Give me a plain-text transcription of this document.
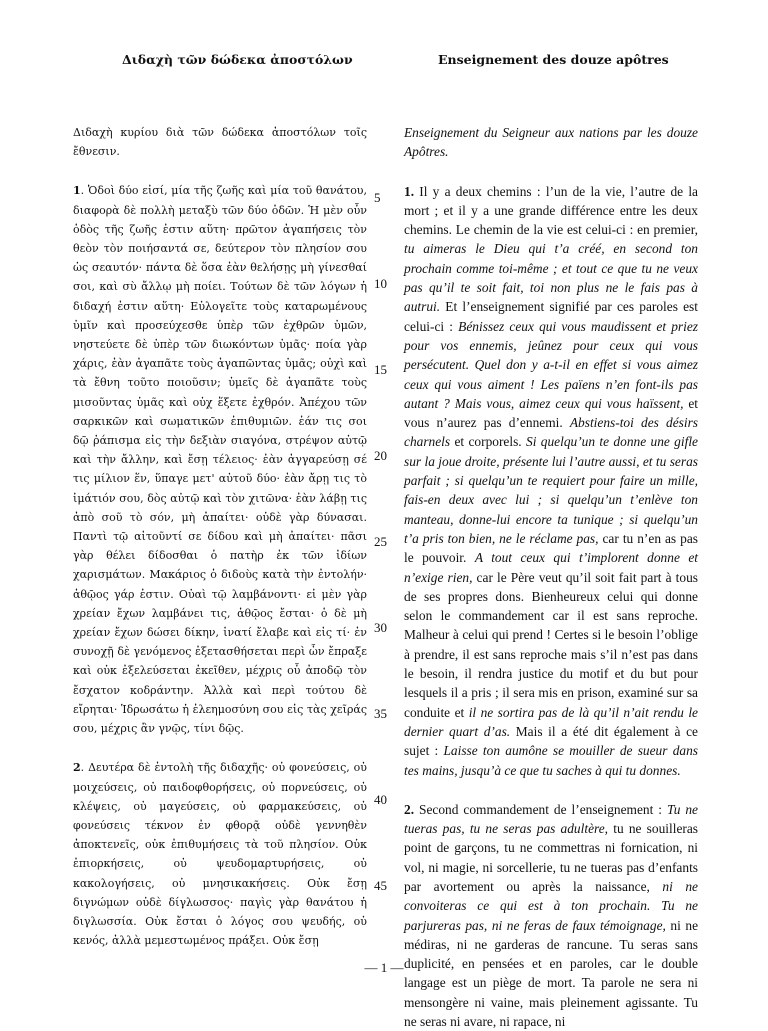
Διδαχὴ τῶν δώδεκα ἀποστόλων	Enseignement des douze apôtres

Διδαχὴ κυρίου διὰ τῶν δώδεκα ἀποστόλων τοῖς ἔθνεσιν.

1. Ὁδοὶ δύο εἰσί, μία τῆς ζωῆς καὶ μία τοῦ θανάτου, διαφορὰ δὲ πολλὴ μεταξὺ τῶν δύο ὁδῶν. Ἡ μὲν οὖν ὁδὸς τῆς ζωῆς ἐστιν αὕτη· πρῶτον ἀγαπήσεις τὸν θεὸν τὸν ποιήσαντά σε, δεύτερον τὸν πλησίον σου ὡς σεαυτόν· πάντα δὲ ὅσα ἐὰν θελήσῃς μὴ γίνεσθαί σοι, καὶ σὺ ἄλλῳ μὴ ποίει. Τούτων δὲ τῶν λόγων ἡ διδαχή ἐστιν αὕτη· Εὐλογεῖτε τοὺς καταρωμένους ὑμῖν καὶ προσεύχεσθε ὑπὲρ τῶν ἐχθρῶν ὑμῶν, νηστεύετε δὲ ὑπὲρ τῶν διωκόντων ὑμᾶς· ποία γὰρ χάρις, ἐὰν ἀγαπᾶτε τοὺς ἀγαπῶντας ὑμᾶς; οὐχὶ καὶ τὰ ἔθνη τοῦτο ποιοῦσιν; ὑμεῖς δὲ ἀγαπᾶτε τοὺς μισοῦντας ὑμᾶς καὶ οὐχ ἕξετε ἐχθρόν. Ἀπέχου τῶν σαρκικῶν καὶ σωματικῶν ἐπιθυμιῶν. ἐάν τις σοι δῷ ῥάπισμα εἰς τὴν δεξιὰν σιαγόνα, στρέψον αὐτῷ καὶ τὴν ἄλλην, καὶ ἔσῃ τέλειος· ἐὰν ἀγγαρεύσῃ σέ τις μίλιον ἕν, ὕπαγε μετ' αὐτοῦ δύο· ἐὰν ἄρῃ τις τὸ ἱμάτιόν σου, δὸς αὐτῷ καὶ τὸν χιτῶνα· ἐὰν λάβῃ τις ἀπὸ σοῦ τὸ σόν, μὴ ἀπαίτει· οὐδὲ γὰρ δύνασαι. Παντὶ τῷ αἰτοῦντί σε δίδου καὶ μὴ ἀπαίτει· πᾶσι γὰρ θέλει δίδοσθαι ὁ πατὴρ ἐκ τῶν ἰδίων χαρισμάτων. Μακάριος ὁ διδοὺς κατὰ τὴν ἐντολήν· ἀθῷος γάρ ἐστιν. Οὐαὶ τῷ λαμβάνοντι· εἰ μὲν γὰρ χρείαν ἔχων λαμβάνει τις, ἀθῷος ἔσται· ὁ δὲ μὴ χρείαν ἔχων δώσει δίκην, ἱνατί ἔλαβε καὶ εἰς τί· ἐν συνοχῇ δὲ γενόμενος ἐξετασθήσεται περὶ ὧν ἔπραξε καὶ οὐκ ἐξελεύσεται ἐκεῖθεν, μέχρις οὗ ἀποδῷ τὸν ἔσχατον κοδράντην. Ἀλλὰ καὶ περὶ τούτου δὲ εἴρηται· Ἱδρωσάτω ἡ ἐλεημοσύνη σου εἰς τὰς χεῖράς σου, μέχρις ἂν γνῷς, τίνι δῷς.

2. Δευτέρα δὲ ἐντολὴ τῆς διδαχῆς· οὐ φονεύσεις, οὐ μοιχεύσεις, οὐ παιδοφθορήσεις, οὐ πορνεύσεις, οὐ κλέψεις, οὐ μαγεύσεις, οὐ φαρμακεύσεις, οὐ φονεύσεις τέκνον ἐν φθορᾷ οὐδὲ γεννηθὲν ἀποκτενεῖς, οὐκ ἐπιθυμήσεις τὰ τοῦ πλησίον. Οὐκ ἐπιορκήσεις, οὐ ψευδομαρτυρήσεις, οὐ κακολογήσεις, οὐ μνησικακήσεις. Οὐκ ἔσῃ διγνώμων οὐδὲ δίγλωσσος· παγὶς γὰρ θανάτου ἡ διγλωσσία. Οὐκ ἔσται ὁ λόγος σου ψευδής, οὐ κενός, ἀλλὰ μεμεστωμένος πράξει. Οὐκ ἔσῃ

5
10
15
20
25
30
35
40
45

Enseignement du Seigneur aux nations par les douze Apôtres.

1. Il y a deux chemins : l’un de la vie, l’autre de la mort ; et il y a une grande différence entre les deux chemins. Le chemin de la vie est celui-ci : en premier, tu aimeras le Dieu qui t’a créé, en second ton prochain comme toi-même ; et tout ce que tu ne veux pas qu’il te soit fait, toi non plus ne le fais pas à autrui. Et l’enseignement signifié par ces paroles est celui-ci : Bénissez ceux qui vous maudissent et priez pour vos ennemis, jeûnez pour ceux qui vous persécutent. Quel don y a-t-il en effet si vous aimez ceux qui vous aiment ! Les païens n’en font-ils pas autant ? Mais vous, aimez ceux qui vous haïssent, et vous n’aurez pas d’ennemi. Abstiens-toi des désirs charnels et corporels. Si quelqu’un te donne une gifle sur la joue droite, présente lui l’autre aussi, et tu seras parfait ; si quelqu’un te requiert pour faire un mille, fais-en deux avec lui ; si quelqu’un t’enlève ton manteau, donne-lui encore ta tunique ; si quelqu’un t’a pris ton bien, ne le réclame pas, car tu n’en as pas le pouvoir. A tout ceux qui t’implorent donne et n’exige rien, car le Père veut qu’il soit fait part à tous de ses propres dons. Bienheureux celui qui donne selon le commandement car il est sans reproche. Malheur à celui qui prend ! Certes si le besoin l’oblige à prendre, il est sans reproche mais s’il n’est pas dans le besoin, il rendra justice du motif et du but pour lesquels il a pris ; il sera mis en prison, examiné sur sa conduite et il ne sortira pas de là qu’il n’ait rendu le dernier quart d’as. Mais il a été dit également à ce sujet : Laisse ton aumône se mouiller de sueur dans tes mains, jusqu’à ce que tu saches à qui tu donnes.

2. Second commandement de l’enseignement : Tu ne tueras pas, tu ne seras pas adultère, tu ne souilleras point de garçons, tu ne commettras ni fornication, ni vol, ni magie, ni sorcellerie, tu ne tueras pas d’enfants par avortement ou après la naissance, ni ne convoiteras ce qui est à ton prochain. Tu ne parjureras pas, ni ne feras de faux témoignage, ni ne médiras, ni ne garderas de rancune. Tu seras sans duplicité, en pensées et en paroles, car le double langage est un piège de mort. Ta parole ne sera ni mensongère ni vaine, mais pleinement agissante. Tu ne seras ni avare, ni rapace, ni

— 1 —
